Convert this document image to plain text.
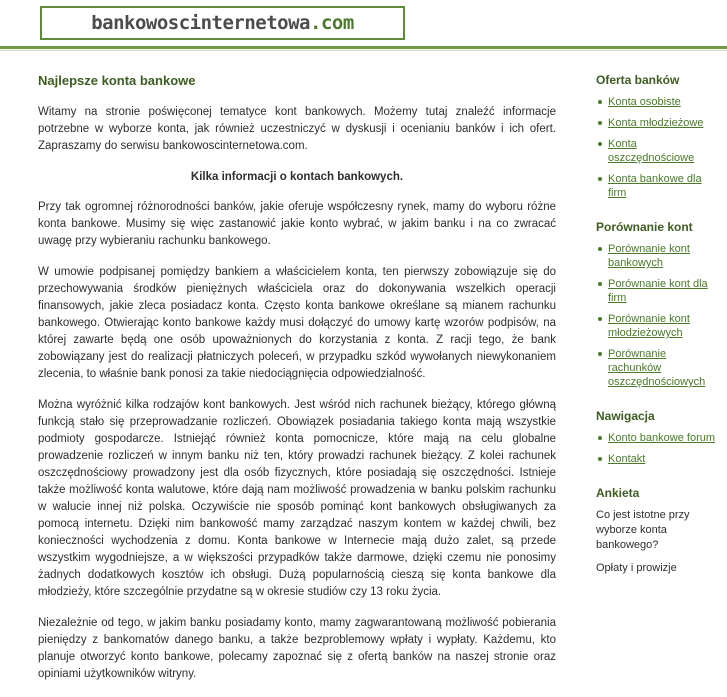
bankowoscinternetowa.com
Najlepsze konta bankowe

Witamy na stronie poświęconej tematyce kont bankowych. Możemy tutaj znaleźć informacje potrzebne w wyborze konta, jak również uczestniczyć w dyskusji i ocenianiu banków i ich ofert. Zapraszamy do serwisu bankowoscinternetowa.com.

Kilka informacji o kontach bankowych.

Przy tak ogromnej różnorodności banków, jakie oferuje współczesny rynek, mamy do wyboru różne konta bankowe. Musimy się więc zastanowić jakie konto wybrać, w jakim banku i na co zwracać uwagę przy wybieraniu rachunku bankowego.

W umowie podpisanej pomiędzy bankiem a właścicielem konta, ten pierwszy zobowiązuje się do przechowywania środków pieniężnych właściciela oraz do dokonywania wszelkich operacji finansowych, jakie zleca posiadacz konta. Często konta bankowe określane są mianem rachunku bankowego. Otwierając konto bankowe każdy musi dołączyć do umowy kartę wzorów podpisów, na której zawarte będą one osób upoważnionych do korzystania z konta. Z racji tego, że bank zobowiązany jest do realizacji płatniczych poleceń, w przypadku szkód wywołanych niewykonaniem zlecenia, to właśnie bank ponosi za takie niedociągnięcia odpowiedzialność.

Można wyróżnić kilka rodzajów kont bankowych. Jest wśród nich rachunek bieżący, którego główną funkcją stało się przeprowadzanie rozliczeń. Obowiązek posiadania takiego konta mają wszystkie podmioty gospodarcze. Istniejąć również konta pomocnicze, które mają na celu globalne prowadzenie rozliczeń w innym banku niż ten, który prowadzi rachunek bieżący. Z kolei rachunek oszczędnościowy prowadzony jest dla osób fizycznych, które posiadają się oszczędności. Istnieje także możliwość konta walutowe, które dają nam możliwość prowadzenia w banku polskim rachunku w walucie innej niż polska. Oczywiście nie sposób pominąć kont bankowych obsługiwanych za pomocą internetu. Dzięki nim bankowość mamy zarządzać naszym kontem w każdej chwili, bez konieczności wychodzenia z domu. Konta bankowe w Internecie mają dużo zalet, są przede wszystkim wygodniejsze, a w większości przypadków także darmowe, dzięki czemu nie ponosimy żadnych dodatkowych kosztów ich obsługi. Dużą popularnością cieszą się konta bankowe dla młodzieży, które szczególnie przydatne są w okresie studiów czy 13 roku życia.

Niezależnie od tego, w jakim banku posiadamy konto, mamy zagwarantowaną możliwość pobierania pieniędzy z bankomatów danego banku, a także bezproblemowy wpłaty i wypłaty. Każdemu, kto planuje otworzyć konto bankowe, polecamy zapoznać się z ofertą banków na naszej stronie oraz opiniami użytkowników witryny.

Oferta banków
Konta osobiste
Konta młodzieżowe
Konta oszczędnościowe
Konta bankowe dla firm
Porównanie kont
Porównanie kont bankowych
Porównanie kont dla firm
Porównanie kont młodzieżowych
Porównanie rachunków oszczędnościowych
Nawigacja
Konto bankowe forum
Kontakt
Ankieta
Co jest istotne przy wyborze konta bankowego?
Opłaty i prowizje
